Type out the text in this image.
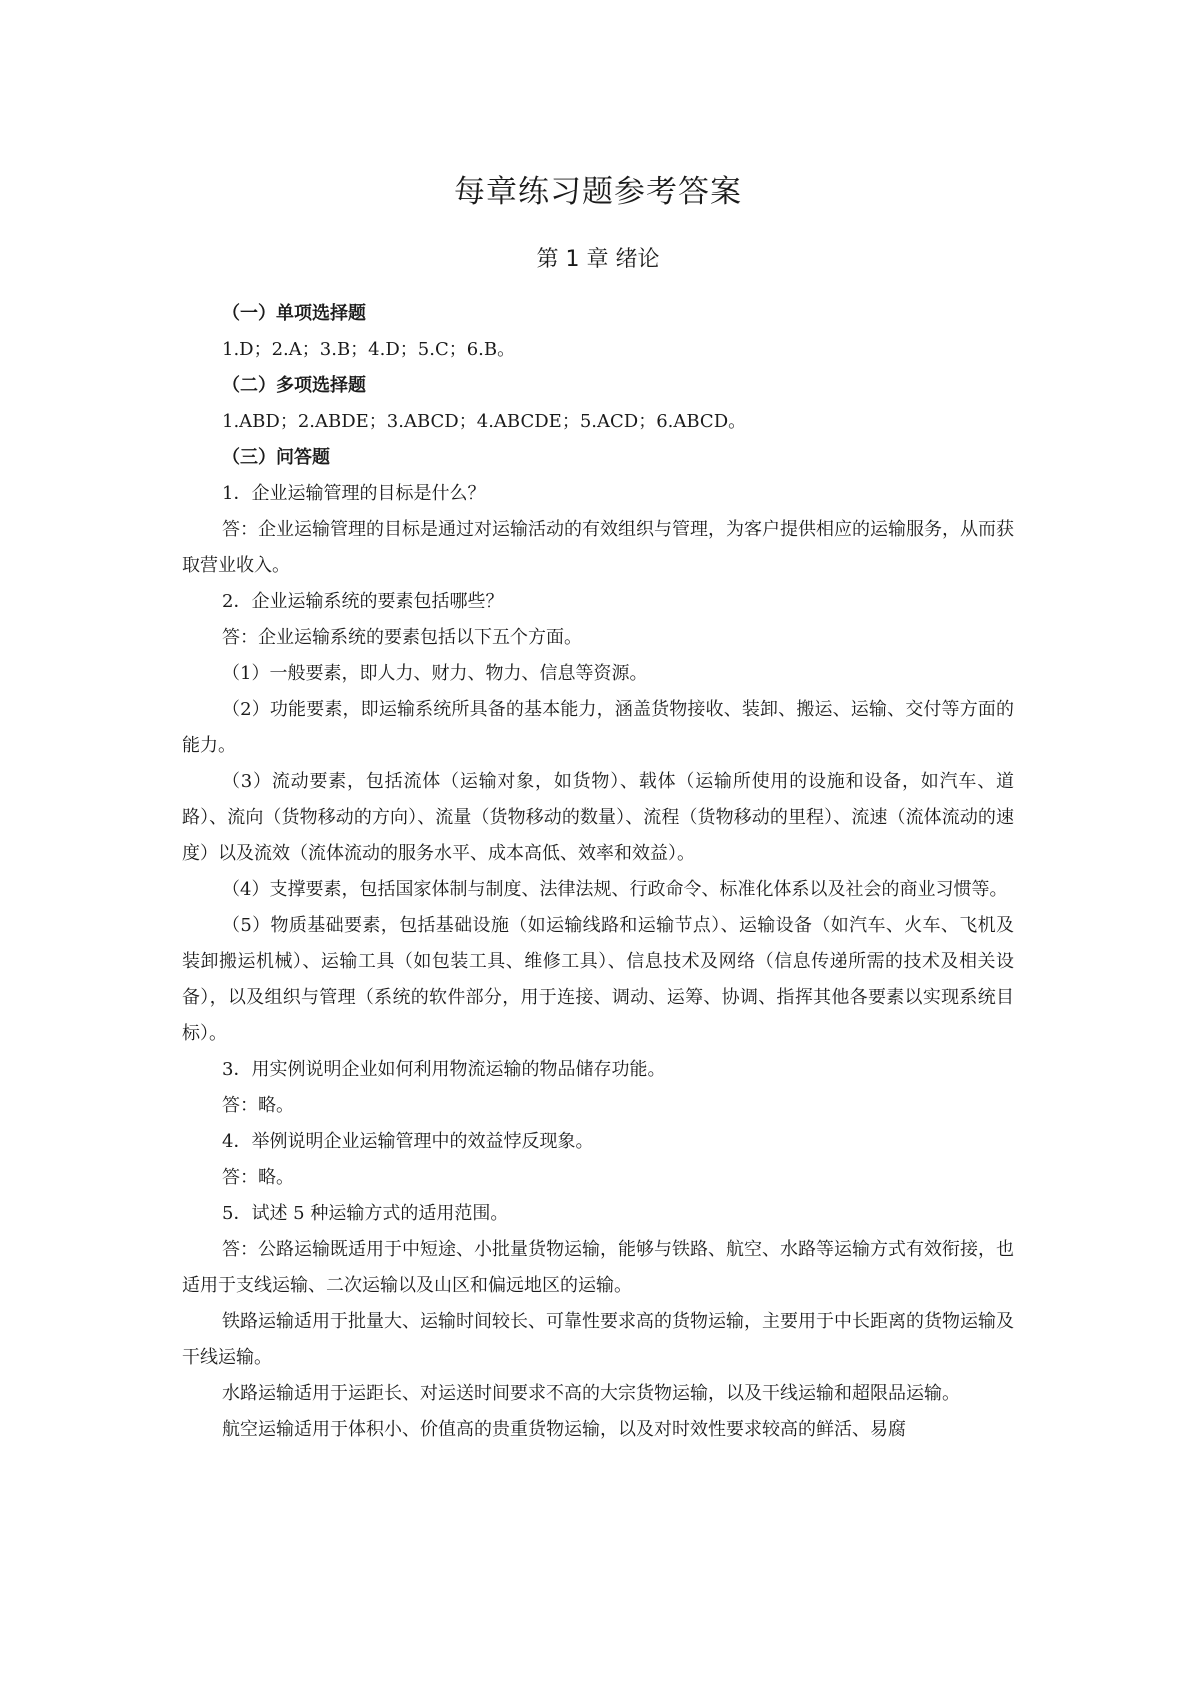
每章练习题参考答案
第 1 章 绪论
（一）单项选择题
1.D；2.A；3.B；4.D；5.C；6.B。
（二）多项选择题
1.ABD；2.ABDE；3.ABCD；4.ABCDE；5.ACD；6.ABCD。
（三）问答题

1．企业运输管理的目标是什么？

答：企业运输管理的目标是通过对运输活动的有效组织与管理，为客户提供相应的运输服务，从而获取营业收入。

2．企业运输系统的要素包括哪些？

答：企业运输系统的要素包括以下五个方面。

（1）一般要素，即人力、财力、物力、信息等资源。

（2）功能要素，即运输系统所具备的基本能力，涵盖货物接收、装卸、搬运、运输、交付等方面的能力。

（3）流动要素，包括流体（运输对象，如货物）、载体（运输所使用的设施和设备，如汽车、道路）、流向（货物移动的方向）、流量（货物移动的数量）、流程（货物移动的里程）、流速（流体流动的速度）以及流效（流体流动的服务水平、成本高低、效率和效益）。

（4）支撑要素，包括国家体制与制度、法律法规、行政命令、标准化体系以及社会的商业习惯等。

（5）物质基础要素，包括基础设施（如运输线路和运输节点）、运输设备（如汽车、火车、飞机及装卸搬运机械）、运输工具（如包装工具、维修工具）、信息技术及网络（信息传递所需的技术及相关设备），以及组织与管理（系统的软件部分，用于连接、调动、运筹、协调、指挥其他各要素以实现系统目标）。

3．用实例说明企业如何利用物流运输的物品储存功能。

答：略。

4．举例说明企业运输管理中的效益悖反现象。

答：略。

5．试述 5 种运输方式的适用范围。

答：公路运输既适用于中短途、小批量货物运输，能够与铁路、航空、水路等运输方式有效衔接，也适用于支线运输、二次运输以及山区和偏远地区的运输。

铁路运输适用于批量大、运输时间较长、可靠性要求高的货物运输，主要用于中长距离的货物运输及干线运输。

水路运输适用于运距长、对运送时间要求不高的大宗货物运输，以及干线运输和超限品运输。

航空运输适用于体积小、价值高的贵重货物运输，以及对时效性要求较高的鲜活、易腐
